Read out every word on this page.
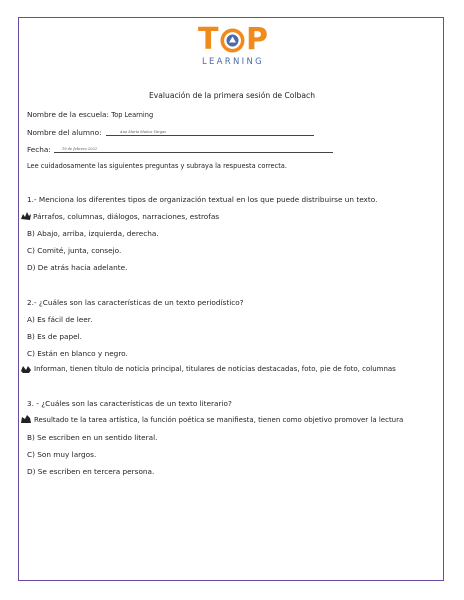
T P
LEARNING
Evaluación de la primera sesión de Colbach
Nombre de la escuela: Top Learning
Nombre del alumno:	Ana María Muñoz Vargas
Fecha:	19 de febrero 2022
Lee cuidadosamente las siguientes preguntas y subraya la respuesta correcta.
1.- Menciona los diferentes tipos de organización textual en los que puede distribuirse un texto.
Párrafos, columnas, diálogos, narraciones, estrofas
B) Abajo, arriba, izquierda, derecha.
C) Comité, junta, consejo.
D) De atrás hacia adelante.
2.- ¿Cuáles son las características de un texto periodístico?
A) Es fácil de leer.
B) Es de papel.
C) Están en blanco y negro.
Informan, tienen título de noticia principal, titulares de noticias destacadas, foto, pie de foto, columnas
3. - ¿Cuáles son las características de un texto literario?
Resultado te la tarea artística, la función poética se manifiesta, tienen como objetivo promover la lectura
B) Se escriben en un sentido literal.
C) Son muy largos.
D) Se escriben en tercera persona.
